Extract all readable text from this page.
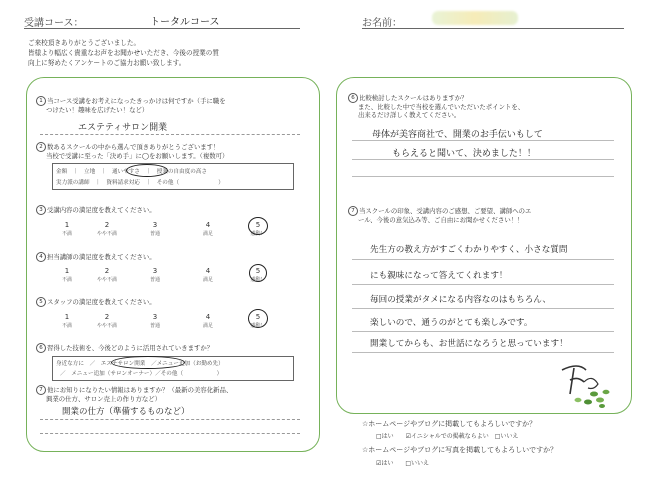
受講コース：	トータルコース	お名前：
ご来校頂きありがとうございました。
皆様より幅広く貴重なお声をお聞かせいただき、今後の授業の質
向上に努めたくアンケートのご協力お願い致します。
1 当コース受講をお考えになったきっかけは何ですか（手に職を
つけたい！趣味を広げたい！など）
エステティサロン開業
2 数あるスクールの中から選んで頂きありがとうございます！
当校で受講に至った「決め手」に◯をお願いします。（複数可）
金額　｜　立地　｜　通いやすさ　｜　授業の自由度の高さ
実力派の講師　｜　資料請求対応　｜　その他（　　　　　　　）
3 受講内容の満足度を教えてください。
1
不満
2
やや不満
3
普通
4
満足
5
感動！
4 担当講師の満足度を教えてください。
1
不満
2
やや不満
3
普通
4
満足
5
感動！
5 スタッフの満足度を教えてください。
1
不満
2
やや不満
3
普通
4
満足
5
感動！
6 習得した技術を、今後どのように活用されていきますか？
身近な方に　／　エステサロン開業　／メニュー追加（お勤め先）
／　メニュー追加（サロンオーナー）／その他（　　　　　　）
7 他にお知りになりたい情報はありますか？（最新の美容化新品、
興業の仕方、サロン売上の作り方など）
開業の仕方（準備するものなど）
6 比較検討したスクールはありますか？
また、比較した中で当校を選んでいただいたポイントを、
出来るだけ詳しく教えてください。
母体が美容商社で、開業のお手伝いもして
もらえると聞いて、決めました！！
7 当スクールの印象、受講内容のご感想、ご要望、講師へのエ
ール、今後の意気込み等、ご自由にお聞かせください！！
先生方の教え方がすごくわかりやすく、小さな質問
にも親味になって答えてくれます！
毎回の授業がタメになる内容なのはもちろん、
楽しいので、通うのがとても楽しみです。
開業してからも、お世話になろうと思っています！
☆ホームページやブログに掲載してもよろしいですか？
□はい　　☑イニシャルでの掲載ならよい　□いいえ
☆ホームページやブログに写真を掲載してもよろしいですか？
☑はい　　□いいえ
